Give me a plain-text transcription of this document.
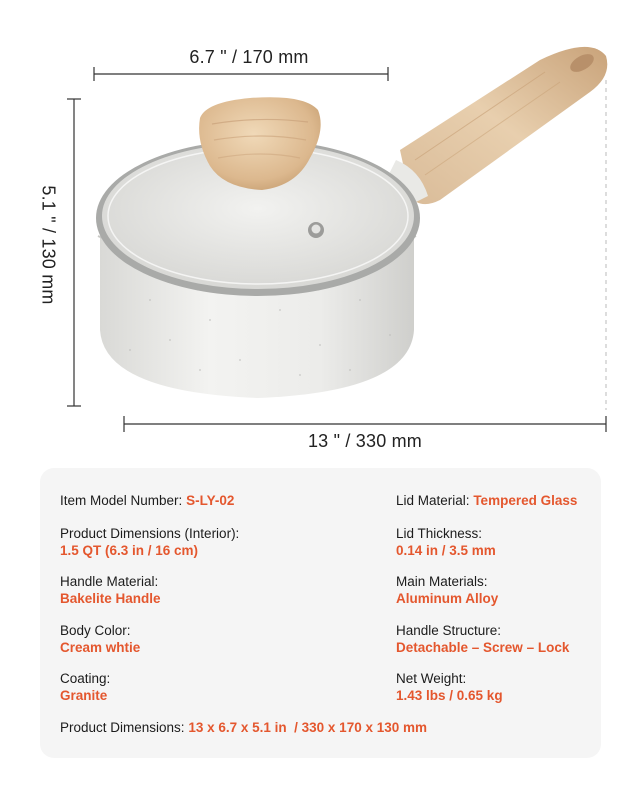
6.7 " / 170 mm
5.1 " / 130 mm
13 " / 330 mm
Item Model Number: S-LY-02
Product Dimensions (Interior):
1.5 QT (6.3 in / 16 cm)
Handle Material:
Bakelite Handle
Body Color:
Cream whtie
Coating:
Granite
Lid Material: Tempered Glass
Lid Thickness:
0.14 in / 3.5 mm
Main Materials:
Aluminum Alloy
Handle Structure:
Detachable – Screw – Lock
Net Weight:
1.43 lbs / 0.65 kg
Product Dimensions: 13 x 6.7 x 5.1 in  / 330 x 170 x 130 mm
